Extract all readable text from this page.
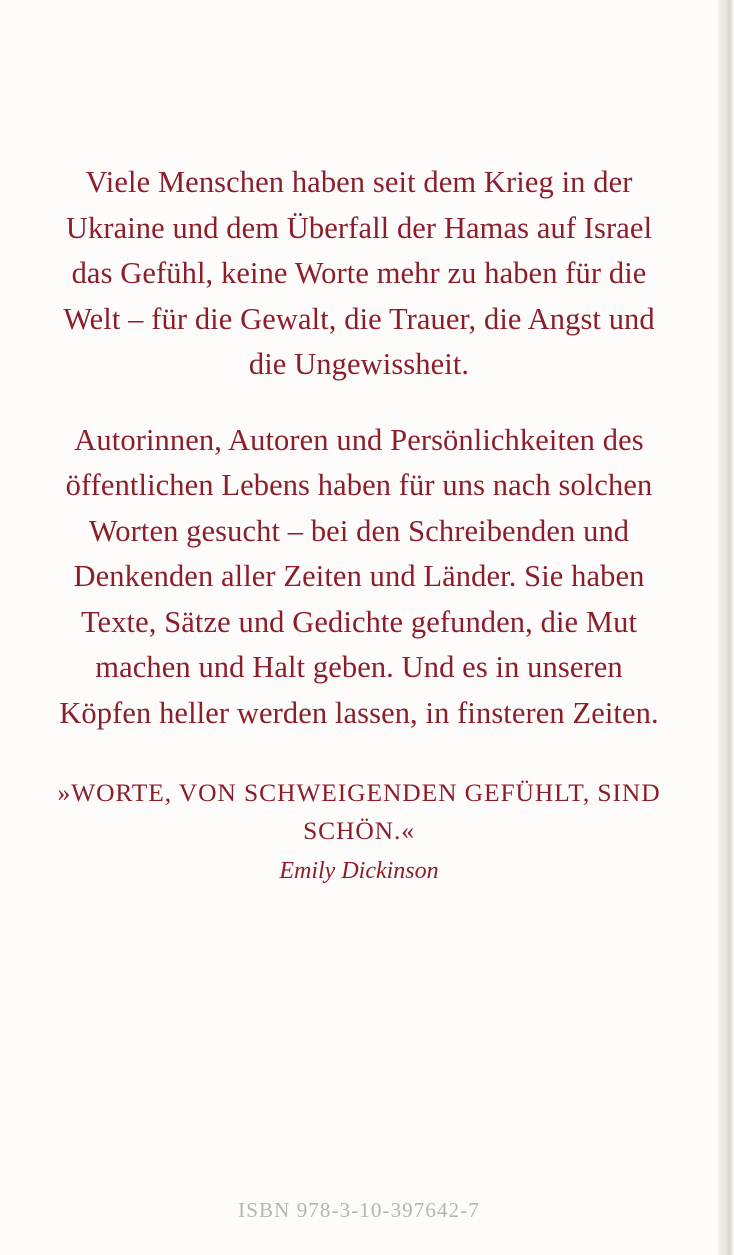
Viele Menschen haben seit dem Krieg in der Ukraine und dem Überfall der Hamas auf Israel das Gefühl, keine Worte mehr zu haben für die Welt – für die Gewalt, die Trauer, die Angst und die Ungewissheit.

Autorinnen, Autoren und Persönlichkeiten des öffentlichen Lebens haben für uns nach solchen Worten gesucht – bei den Schreibenden und Denkenden aller Zeiten und Länder. Sie haben Texte, Sätze und Gedichte gefunden, die Mut machen und Halt geben. Und es in unseren Köpfen heller werden lassen, in finsteren Zeiten.

»WORTE, VON SCHWEIGENDEN GEFÜHLT, SIND SCHÖN.«

Emily Dickinson

ISBN 978-3-10-397642-7
